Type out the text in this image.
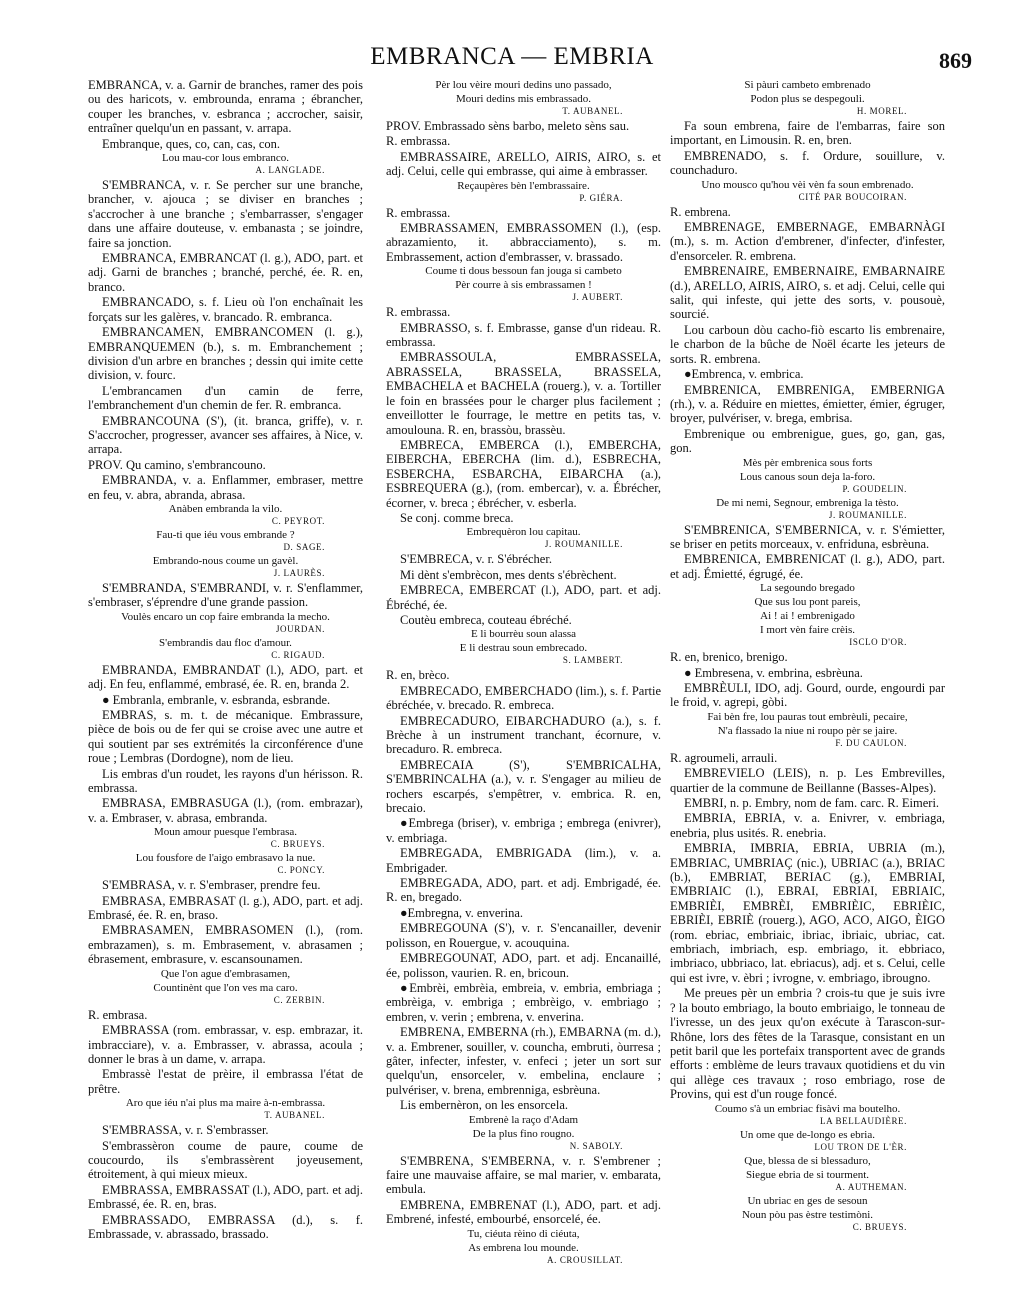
EMBRANCA — EMBRIA	869
EMBRANCA, v. a. Garnir de branches, ramer des pois ou des haricots, v. embrounda, enrama ; ébrancher, couper les branches, v. esbranca ; accrocher, saisir, entraîner quelqu'un en passant, v. arrapa.
Embranque, ques, co, can, cas, con.
Lou mau-cor lous embranco.
A. LANGLADE.
S'EMBRANCA, v. r. Se percher sur une branche, brancher, v. ajouca ; se diviser en branches ; s'accrocher à une branche ; s'embarrasser, s'engager dans une affaire douteuse, v. embanasta ; se joindre, faire sa jonction.
EMBRANCA, EMBRANCAT (l. g.), ADO, part. et adj. Garni de branches ; branché, perché, ée. R. en, branco.
EMBRANCADO, s. f. Lieu où l'on enchaînait les forçats sur les galères, v. brancado. R. embranca.
EMBRANCAMEN, EMBRANCOMEN (l. g.), EMBRANQUEMEN (b.), s. m. Embranchement ; division d'un arbre en branches ; dessin qui imite cette division, v. fourc.
L'embrancamen d'un camin de ferre, l'embranchement d'un chemin de fer. R. embranca.
EMBRANCOUNA (S'), (it. branca, griffe), v. r. S'accrocher, progresser, avancer ses affaires, à Nice, v. arrapa.
PROV. Qu camino, s'embrancouno.
EMBRANDA, v. a. Enflammer, embraser, mettre en feu, v. abra, abranda, abrasa.
Anàben embranda la vilo.
C. PEYROT.
Fau-ti que iéu vous embrande ?
D. SAGE.
Embrando-nous coume un gavèl.
J. LAURÈS.
S'EMBRANDA, S'EMBRANDI, v. r. S'enflammer, s'embraser, s'éprendre d'une grande passion.
Voulès encaro un cop faire embranda la mecho.
JOURDAN.
S'embrandis dau floc d'amour.
C. RIGAUD.
EMBRANDA, EMBRANDAT (l.), ADO, part. et adj. En feu, enflammé, embrasé, ée. R. en, branda 2.
● Embranla, embranle, v. esbranda, esbrande.
EMBRAS, s. m. t. de mécanique. Embrassure, pièce de bois ou de fer qui se croise avec une autre et qui soutient par ses extrémités la circonférence d'une roue ; Lembras (Dordogne), nom de lieu.
Lis embras d'un roudet, les rayons d'un hérisson. R. embrassa.
EMBRASA, EMBRASUGA (l.), (rom. embrazar), v. a. Embraser, v. abrasa, embranda.
Moun amour puesque l'embrasa.
C. BRUEYS.
Lou fousfore de l'aigo embrasavo la nue.
C. PONCY.
S'EMBRASA, v. r. S'embraser, prendre feu.
EMBRASA, EMBRASAT (l. g.), ADO, part. et adj. Embrasé, ée. R. en, braso.
EMBRASAMEN, EMBRASOMEN (l.), (rom. embrazamen), s. m. Embrasement, v. abrasamen ; ébrasement, embrasure, v. escansounamen.
Que l'on ague d'embrasamen,
Countinènt que l'on ves ma caro.
C. ZERBIN.
R. embrasa.
EMBRASSA (rom. embrassar, v. esp. embrazar, it. imbracciare), v. a. Embrasser, v. abrassa, acoula ; donner le bras à un dame, v. arrapa.
Embrassè l'estat de prèire, il embrassa l'état de prêtre.
Aro que iéu n'ai plus ma maire à-n-embrassa.
T. AUBANEL.
S'EMBRASSA, v. r. S'embrasser.
S'embrassèron coume de paure, coume de coucourdo, ils s'embrassèrent joyeusement, étroitement, à qui mieux mieux.
EMBRASSA, EMBRASSAT (l.), ADO, part. et adj. Embrassé, ée. R. en, bras.
EMBRASSADO, EMBRASSA (d.), s. f. Embrassade, v. abrassado, brassado.
Pèr lou vèire mouri dedins uno passado,
Mouri dedins mis embrassado.
T. AUBANEL.
PROV. Embrassado sèns barbo, meleto sèns sau.
R. embrassa.
EMBRASSAIRE, ARELLO, AIRIS, AIRO, s. et adj. Celui, celle qui embrasse, qui aime à embrasser.
Reçaupères bèn l'embrassaire.
P. GIÉRA.
R. embrassa.
EMBRASSAMEN, EMBRASSOMEN (l.), (esp. abrazamiento, it. abbracciamento), s. m. Embrassement, action d'embrasser, v. brassado.
Coume ti dous bessoun fan jouga si cambeto
Pèr courre à sis embrassamen !
J. AUBERT.
R. embrassa.
EMBRASSO, s. f. Embrasse, ganse d'un rideau. R. embrassa.
EMBRASSOULA, EMBRASSELA, ABRASSELA, BRASSELA, BRASSELA, EMBACHELA et BACHELA (rouerg.), v. a. Tortiller le foin en brassées pour le charger plus facilement ; enveillotter le fourrage, le mettre en petits tas, v. amoulouna. R. en, brassòu, brassèu.
EMBRECA, EMBERCA (l.), EMBERCHA, EIBERCHA, EBERCHA (lim. d.), ESBRECHA, ESBERCHA, ESBARCHA, EIBARCHA (a.), ESBREQUERA (g.), (rom. embercar), v. a. Ébrécher, écorner, v. breca ; ébrécher, v. esberla.
Se conj. comme breca.
Embrequèron lou capitau.
J. ROUMANILLE.
S'EMBRECA, v. r. S'ébrécher.
Mi dènt s'embrècon, mes dents s'ébrèchent.
EMBRECA, EMBERCAT (l.), ADO, part. et adj. Ébréché, ée.
Coutèu embreca, couteau ébréché.
E li bourrèu soun alassa
E li destrau soun embrecado.
S. LAMBERT.
R. en, brèco.
EMBRECADO, EMBERCHADO (lim.), s. f. Partie ébréchée, v. brecado. R. embreca.
EMBRECADURO, EIBARCHADURO (a.), s. f. Brèche à un instrument tranchant, écornure, v. brecaduro. R. embreca.
EMBRECAIA (S'), S'EMBRICALHA, S'EMBRINCALHA (a.), v. r. S'engager au milieu de rochers escarpés, s'empêtrer, v. embrica. R. en, brecaio.
●Embrega (briser), v. embriga ; embrega (enivrer), v. embriaga.
EMBREGADA, EMBRIGADA (lim.), v. a. Embrigader.
EMBREGADA, ADO, part. et adj. Embrigadé, ée. R. en, bregado.
●Embregna, v. enverina.
EMBREGOUNA (S'), v. r. S'encanailler, devenir polisson, en Rouergue, v. acouquina.
EMBREGOUNAT, ADO, part. et adj. Encanaillé, ée, polisson, vaurien. R. en, bricoun.
●Embrèi, embrèia, embreia, v. embria, embriaga ; embrèiga, v. embriga ; embrèigo, v. embriago ; embren, v. verin ; embrena, v. enverina.
EMBRENA, EMBERNA (rh.), EMBARNA (m. d.), v. a. Embrener, souiller, v. councha, embruti, òurresa ; gâter, infecter, infester, v. enfeci ; jeter un sort sur quelqu'un, ensorceler, v. embelina, enclaure ; pulvériser, v. brena, embrenniga, esbrèuna.
Lis embernèron, on les ensorcela.
Embrenè la raço d'Adam
De la plus fino rougno.
N. SABOLY.
S'EMBRENA, S'EMBERNA, v. r. S'embrener ; faire une mauvaise affaire, se mal marier, v. embarata, embula.
EMBRENA, EMBRENAT (l.), ADO, part. et adj. Embrené, infesté, embourbé, ensorcelé, ée.
Tu, ciéuta rèino di ciéuta,
As embrena lou mounde.
A. CROUSILLAT.
Si pàuri cambeto embrenado
Podon plus se despegouli.
H. MOREL.
Fa soun embrena, faire de l'embarras, faire son important, en Limousin. R. en, bren.
EMBRENADO, s. f. Ordure, souillure, v. counchaduro.
Uno mousco qu'hou vèi vèn fa soun embrenado.
CITÉ PAR BOUCOIRAN.
R. embrena.
EMBRENAGE, EMBERNAGE, EMBARNÀGI (m.), s. m. Action d'embrener, d'infecter, d'infester, d'ensorceler. R. embrena.
EMBRENAIRE, EMBERNAIRE, EMBARNAIRE (d.), ARELLO, AIRIS, AIRO, s. et adj. Celui, celle qui salit, qui infeste, qui jette des sorts, v. pousouè, sourcié.
Lou carboun dòu cacho-fiò escarto lis embrenaire, le charbon de la bûche de Noël écarte les jeteurs de sorts. R. embrena.
●Embrenca, v. embrica.
EMBRENICA, EMBRENIGA, EMBERNIGA (rh.), v. a. Réduire en miettes, émietter, émier, égruger, broyer, pulvériser, v. brega, embrisa.
Embrenique ou embrenigue, gues, go, gan, gas, gon.
Mès pèr embrenica sous forts
Lous canous soun deja la-foro.
P. GOUDELIN.
De mi nemi, Segnour, embreniga la tèsto.
J. ROUMANILLE.
S'EMBRENICA, S'EMBERNICA, v. r. S'émietter, se briser en petits morceaux, v. enfriduna, esbrèuna.
EMBRENICA, EMBRENICAT (l. g.), ADO, part. et adj. Émietté, égrugé, ée.
La segoundo bregado
Que sus lou pont pareis,
Ai ! ai ! embrenigado
I mort vèn faire crèis.
ISCLO D'OR.
R. en, brenico, brenigo.
● Embresena, v. embrina, esbrèuna.
EMBRÈULI, IDO, adj. Gourd, ourde, engourdi par le froid, v. agrepi, gòbi.
Fai bèn fre, lou pauras tout embrèuli, pecaire,
N'a flassado la niue ni roupo pèr se jaire.
F. DU CAULON.
R. agroumeli, arrauli.
EMBREVIELO (LEIS), n. p. Les Embrevilles, quartier de la commune de Beillanne (Basses-Alpes).
EMBRI, n. p. Embry, nom de fam. carc. R. Eimeri.
EMBRIA, EBRIA, v. a. Enivrer, v. embriaga, enebria, plus usités. R. enebria.
EMBRIA, IMBRIA, EBRIA, UBRIA (m.), EMBRIAC, UMBRIAÇ (nic.), UBRIAC (a.), BRIAC (b.), EMBRIAT, BERIAC (g.), EMBRIAI, EMBRIAIC (l.), EBRAI, EBRIAI, EBRIAIC, EMBRIÈI, EMBRÈI, EMBRIÈIC, EBRIÈIC, EBRIÈI, EBRIÈ (rouerg.), AGO, ACO, AIGO, ÈIGO (rom. ebriac, embriaic, ibriac, ibriaic, ubriac, cat. embriach, imbriach, esp. embriago, it. ebbriaco, imbriaco, ubbriaco, lat. ebriacus), adj. et s. Celui, celle qui est ivre, v. èbri ; ivrogne, v. embriago, ibrougno.
Me preues pèr un embria ? crois-tu que je suis ivre ? la bouto embriago, la bouto embriaigo, le tonneau de l'ivresse, un des jeux qu'on exécute à Tarascon-sur-Rhône, lors des fêtes de la Tarasque, consistant en un petit baril que les portefaix transportent avec de grands efforts : emblème de leurs travaux quotidiens et du vin qui allège ces travaux ; roso embriago, rose de Provins, qui est d'un rouge foncé.
Coumo s'à un embriac fisàvi ma boutelho.
LA BELLAUDIÈRE.
Un ome que de-longo es ebria.
LOU TRON DE L'ÈR.
Que, blessa de si blessaduro,
Siegue ebria de si tourment.
A. AUTHEMAN.
Un ubriac en ges de sesoun
Noun pòu pas èstre testimòni.
C. BRUEYS.
